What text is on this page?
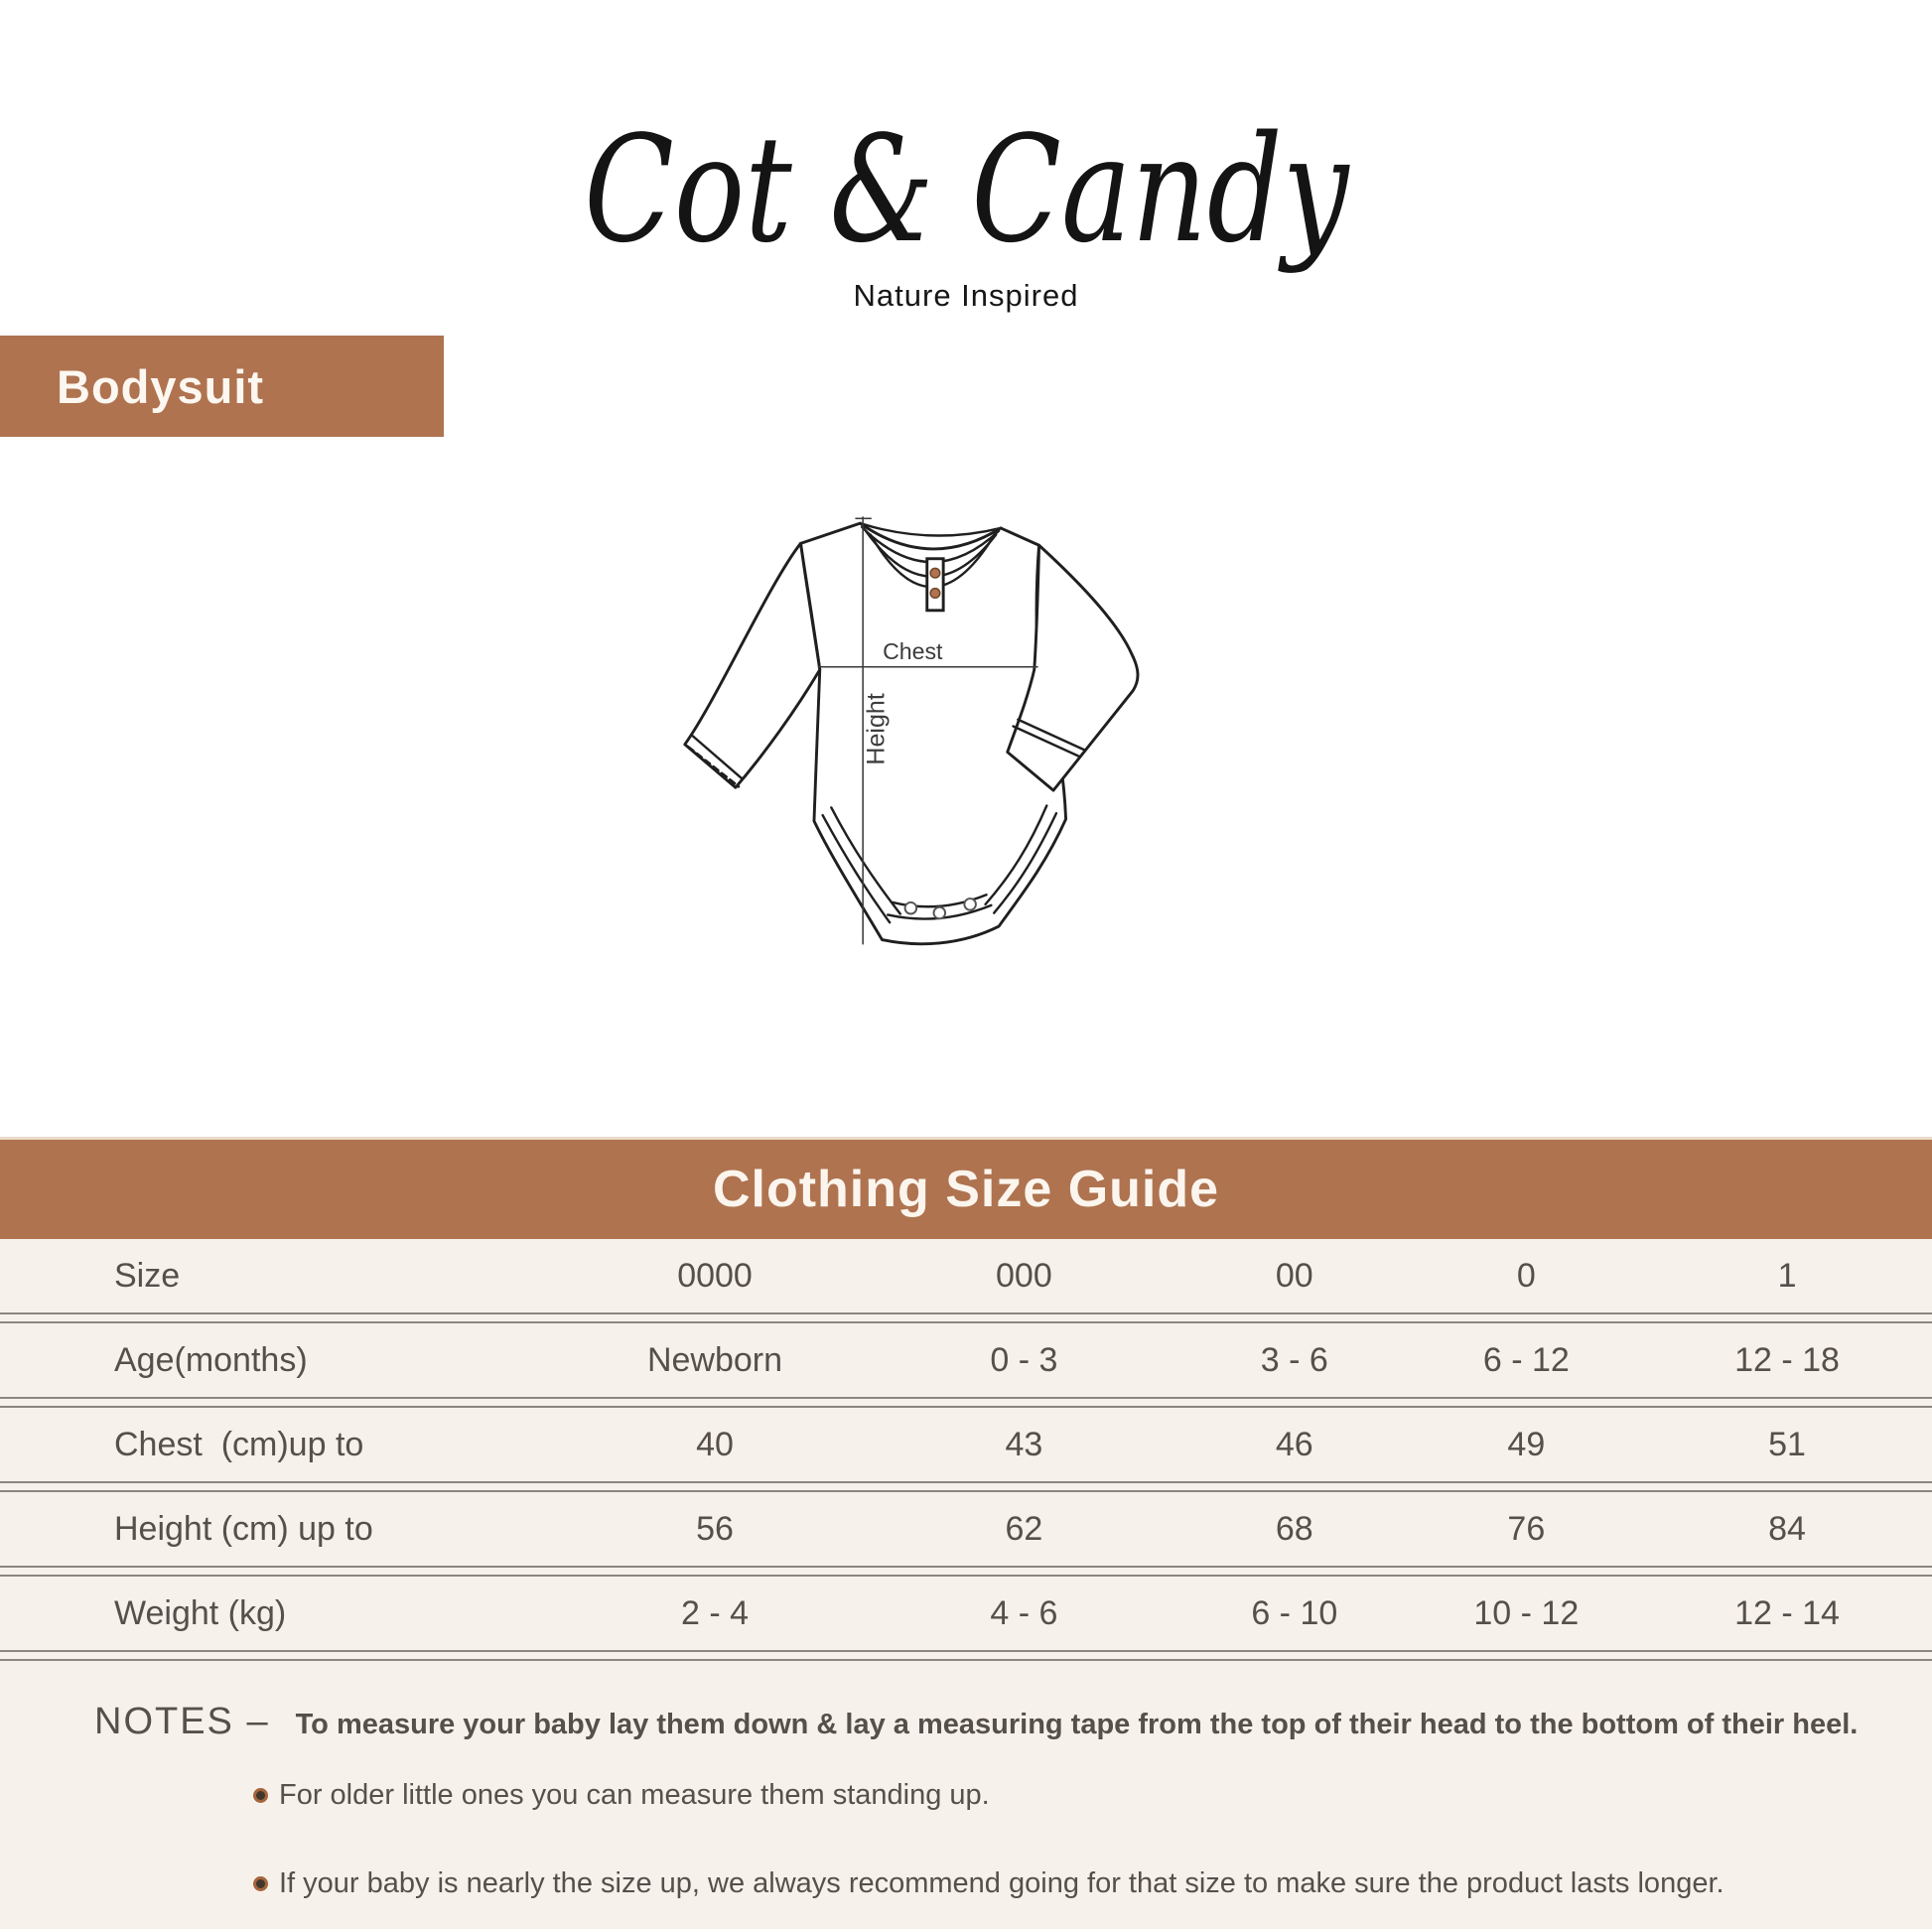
Cot & Candy
Nature Inspired
Bodysuit
Chest
Height
Clothing Size Guide
Size	0000	000	00	0	1
Age(months)	Newborn	0 - 3	3 - 6	6 - 12	12 - 18
Chest  (cm)up to	40	43	46	49	51
Height (cm) up to	56	62	68	76	84
Weight (kg)	2 - 4	4 - 6	6 - 10	10 - 12	12 - 14
NOTES – To measure your baby lay them down & lay a measuring tape from the top of their head to the bottom of their heel.
For older little ones you can measure them standing up.
If your baby is nearly the size up, we always recommend going for that size to make sure the product lasts longer.
